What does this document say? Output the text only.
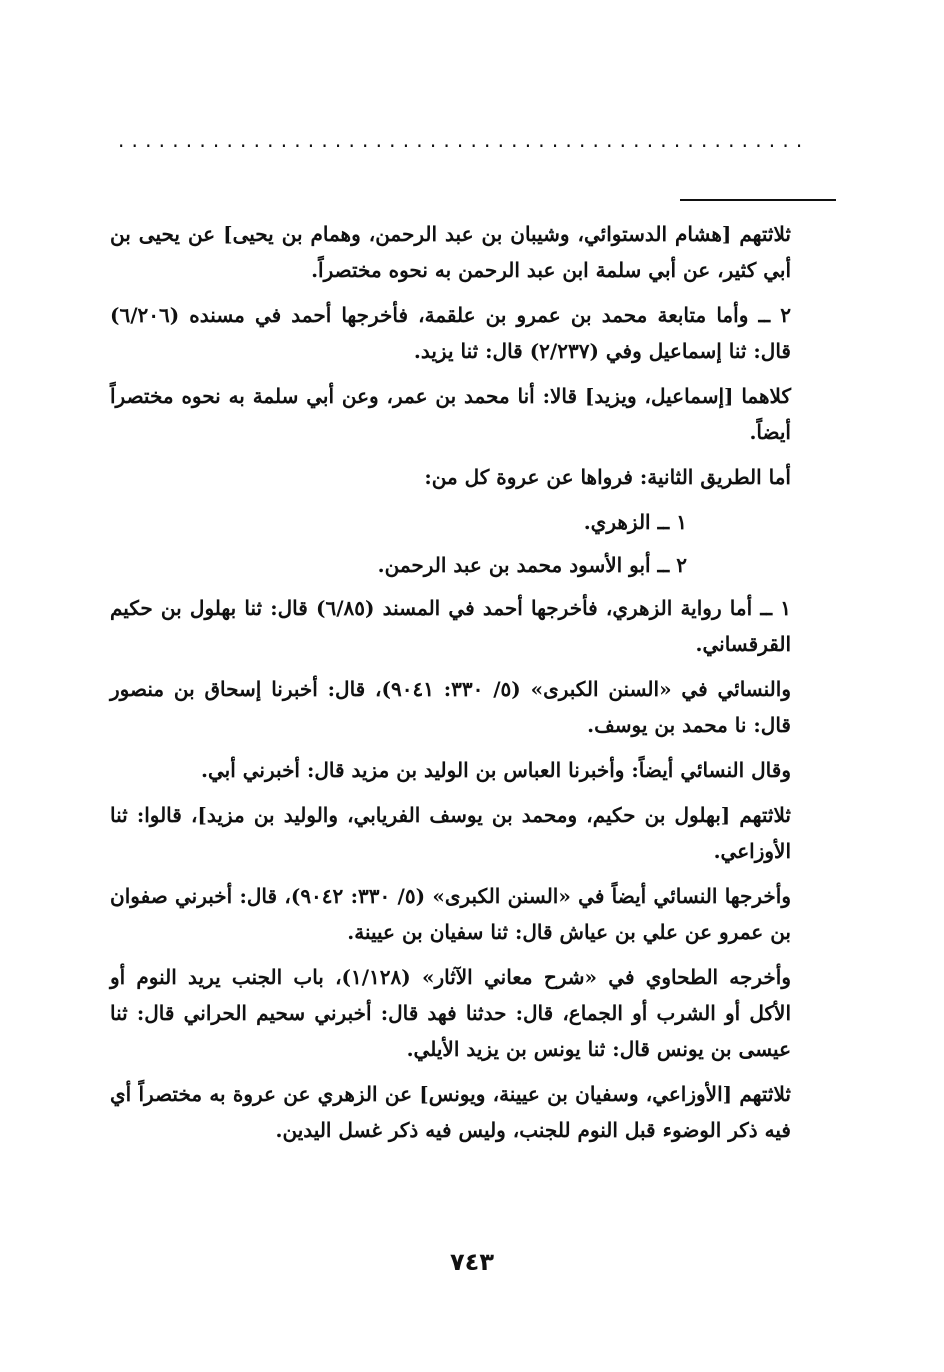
...................................................

ثلاثتهم [هشام الدستوائي، وشيبان بن عبد الرحمن، وهمام بن يحيى] عن يحيى بن أبي كثير، عن أبي سلمة ابن عبد الرحمن به نحوه مختصراً.

٢ ــ وأما متابعة محمد بن عمرو بن علقمة، فأخرجها أحمد في مسنده (٦/٢٠٦) قال: ثنا إسماعيل وفي (٢/٢٣٧) قال: ثنا يزيد.

كلاهما [إسماعيل، ويزيد] قالا: أنا محمد بن عمر، وعن أبي سلمة به نحوه مختصراً أيضاً.

أما الطريق الثانية: فرواها عن عروة كل من:

١ ــ الزهري.

٢ ــ أبو الأسود محمد بن عبد الرحمن.

١ ــ أما رواية الزهري، فأخرجها أحمد في المسند (٦/٨٥) قال: ثنا بهلول بن حكيم القرقساني.

والنسائي في «السنن الكبرى» (٥/ ٣٣٠: ٩٠٤١)، قال: أخبرنا إسحاق بن منصور قال: نا محمد بن يوسف.

وقال النسائي أيضاً: وأخبرنا العباس بن الوليد بن مزيد قال: أخبرني أبي.

ثلاثتهم [بهلول بن حكيم، ومحمد بن يوسف الفريابي، والوليد بن مزيد]، قالوا: ثنا الأوزاعي.

وأخرجها النسائي أيضاً في «السنن الكبرى» (٥/ ٣٣٠: ٩٠٤٢)، قال: أخبرني صفوان بن عمرو عن علي بن عياش قال: ثنا سفيان بن عيينة.

وأخرجه الطحاوي في «شرح معاني الآثار» (١/١٢٨)، باب الجنب يريد النوم أو الأكل أو الشرب أو الجماع، قال: حدثنا فهد قال: أخبرني سحيم الحراني قال: ثنا عيسى بن يونس قال: ثنا يونس بن يزيد الأيلي.

ثلاثتهم [الأوزاعي، وسفيان بن عيينة، ويونس] عن الزهري عن عروة به مختصراً أي فيه ذكر الوضوء قبل النوم للجنب، وليس فيه ذكر غسل اليدين.

٧٤٣
